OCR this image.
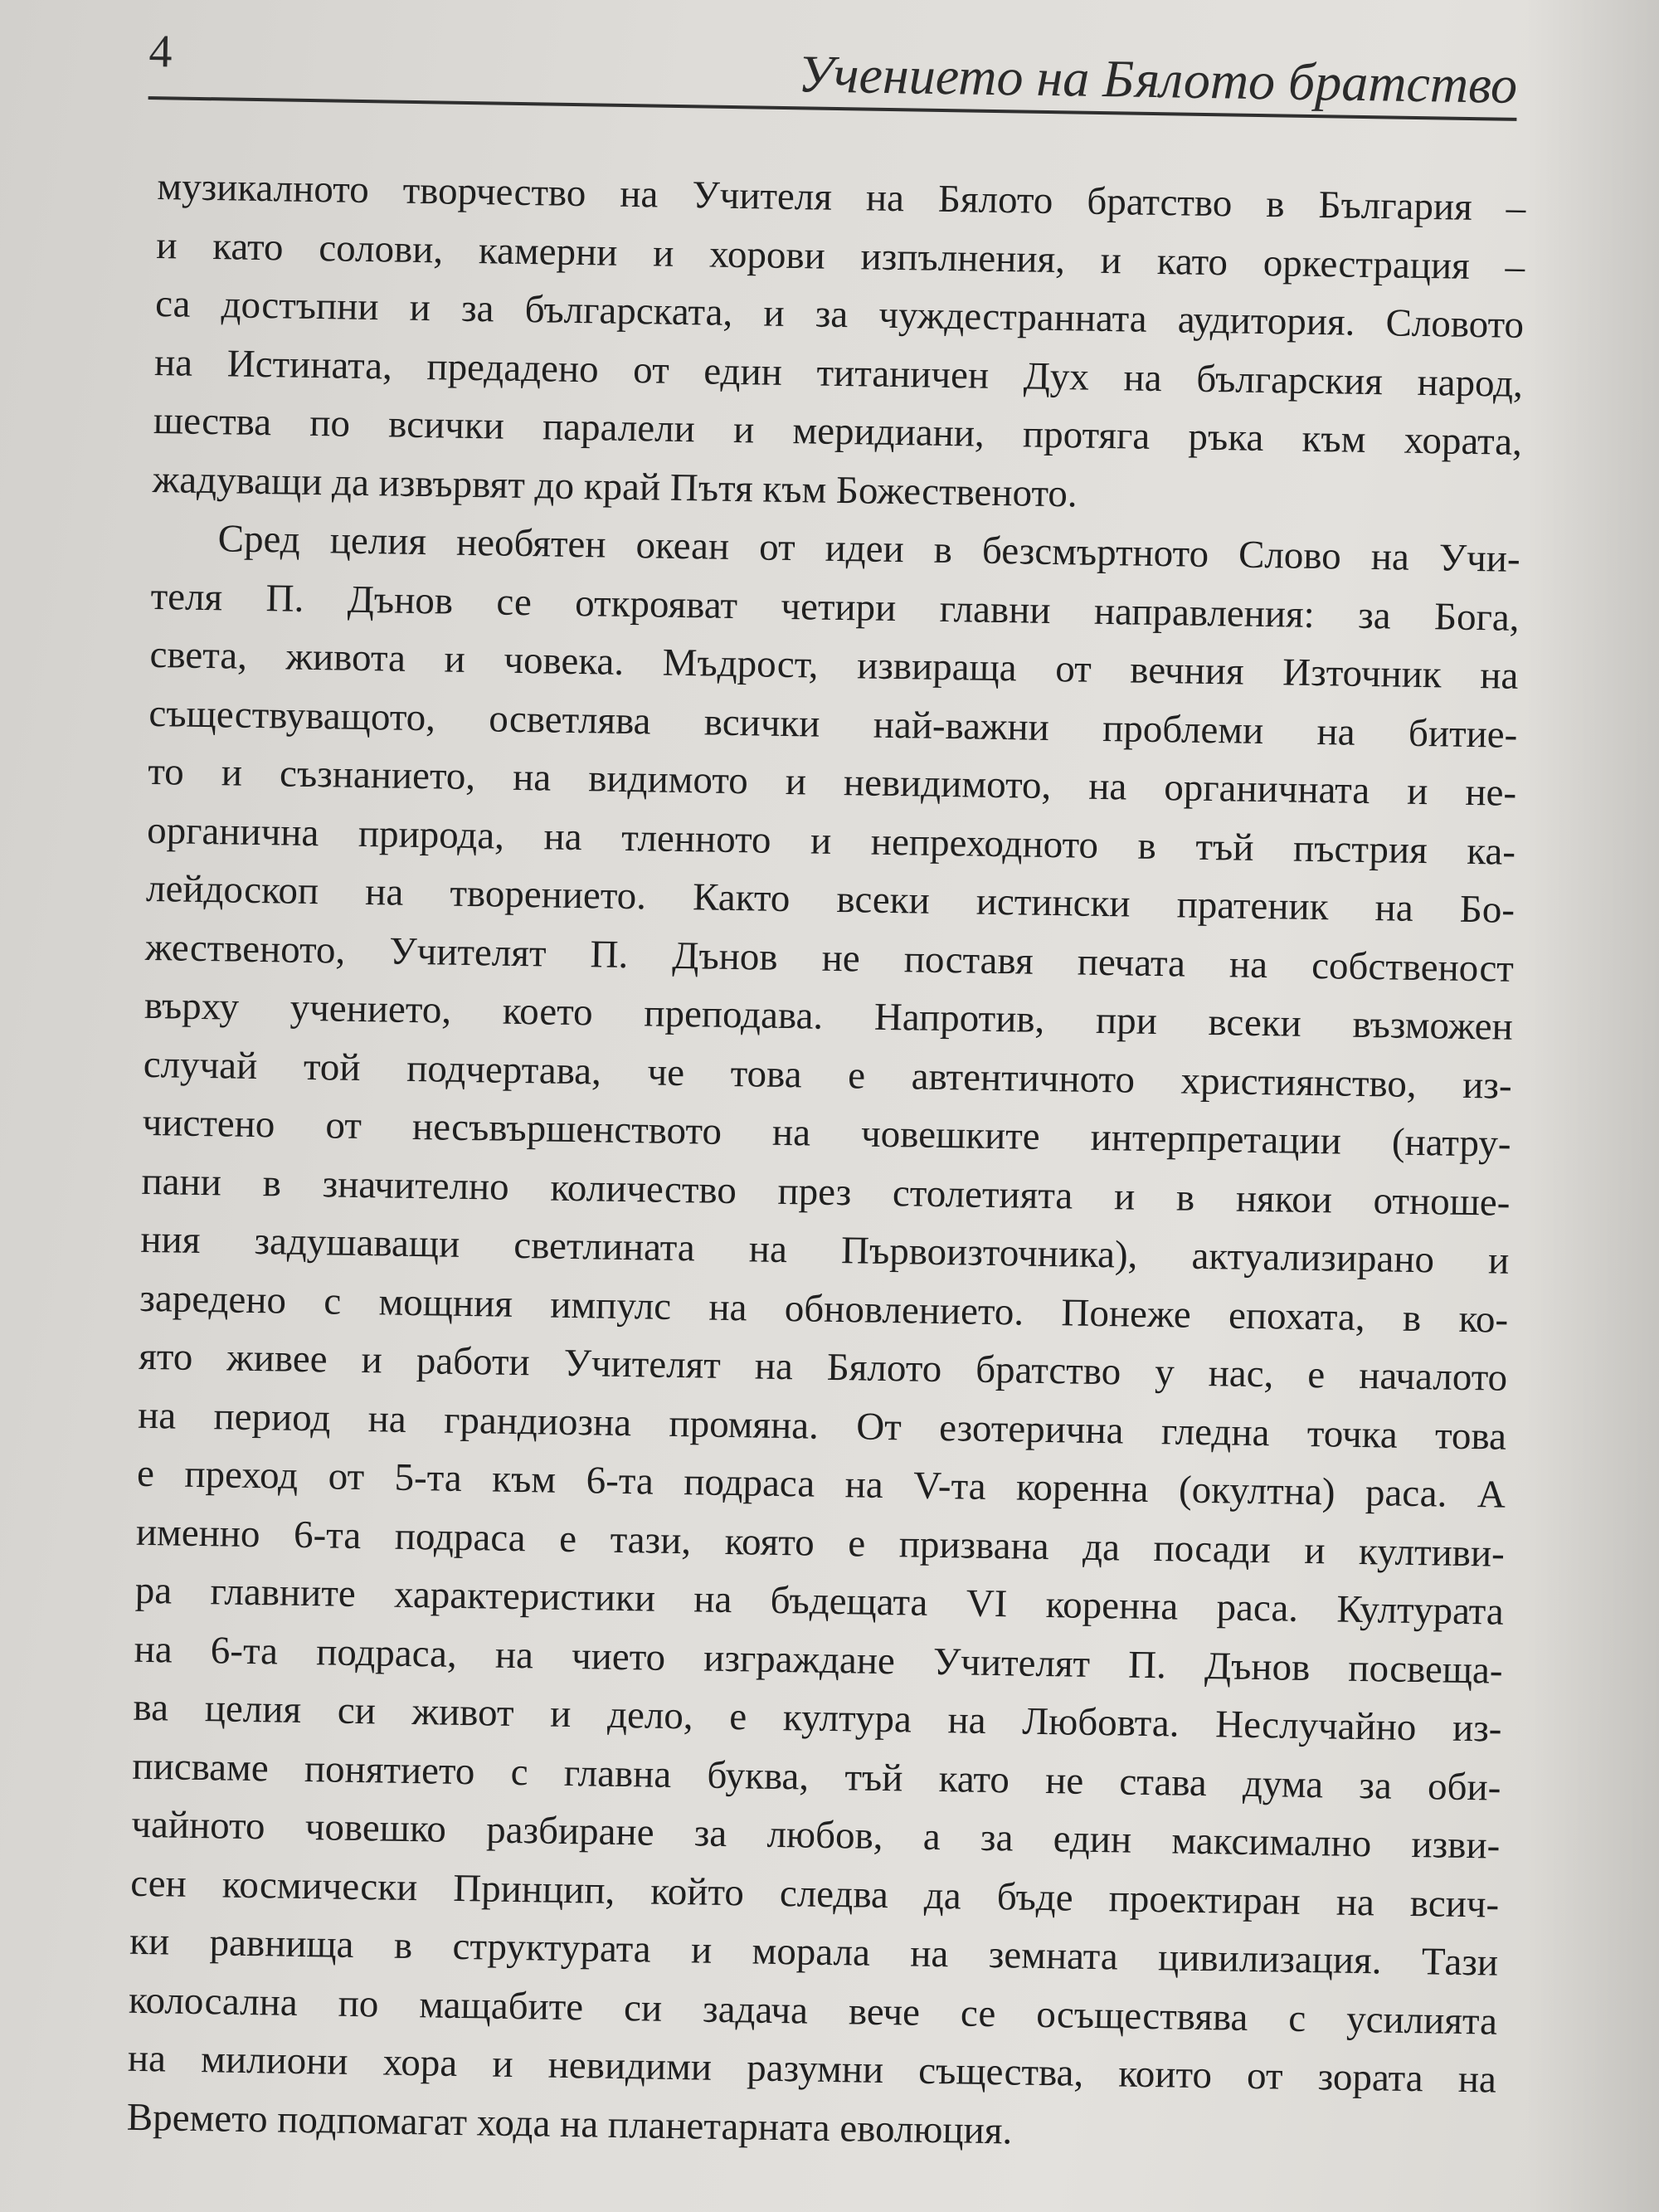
4	Учението на Бялото братство
музикалното творчество на Учителя на Бялото братство в България –
и като солови, камерни и хорови изпълнения, и като оркестрация –
са достъпни и за българската, и за чуждестранната аудитория. Словото
на Истината, предадено от един титаничен Дух на българския народ,
шества по всички паралели и меридиани, протяга ръка към хората,
жадуващи да извървят до край Пътя към Божественото.
Сред целия необятен океан от идеи в безсмъртното Слово на Учи-
теля П. Дънов се открояват четири главни направления: за Бога,
света, живота и човека. Мъдрост, извираща от вечния Източник на
съществуващото, осветлява всички най-важни проблеми на битие-
то и съзнанието, на видимото и невидимото, на органичната и не-
органична природа, на тленното и непреходното в тъй пъстрия ка-
лейдоскоп на творението. Както всеки истински пратеник на Бо-
жественото, Учителят П. Дънов не поставя печата на собственост
върху учението, което преподава. Напротив, при всеки възможен
случай той подчертава, че това е автентичното християнство, из-
чистено от несъвършенството на човешките интерпретации (натру-
пани в значително количество през столетията и в някои отноше-
ния задушаващи светлината на Първоизточника), актуализирано и
заредено с мощния импулс на обновлението. Понеже епохата, в ко-
ято живее и работи Учителят на Бялото братство у нас, е началото
на период на грандиозна промяна. От езотерична гледна точка това
е преход от 5-та към 6-та подраса на V-та коренна (окултна) раса. А
именно 6-та подраса е тази, която е призвана да посади и култиви-
ра главните характеристики на бъдещата VI коренна раса. Културата
на 6-та подраса, на чието изграждане Учителят П. Дънов посвеща-
ва целия си живот и дело, е култура на Любовта. Неслучайно из-
писваме понятието с главна буква, тъй като не става дума за оби-
чайното човешко разбиране за любов, а за един максимално изви-
сен космически Принцип, който следва да бъде проектиран на всич-
ки равнища в структурата и морала на земната цивилизация. Тази
колосална по мащабите си задача вече се осъществява с усилията
на милиони хора и невидими разумни същества, които от зората на
Времето подпомагат хода на планетарната еволюция.
